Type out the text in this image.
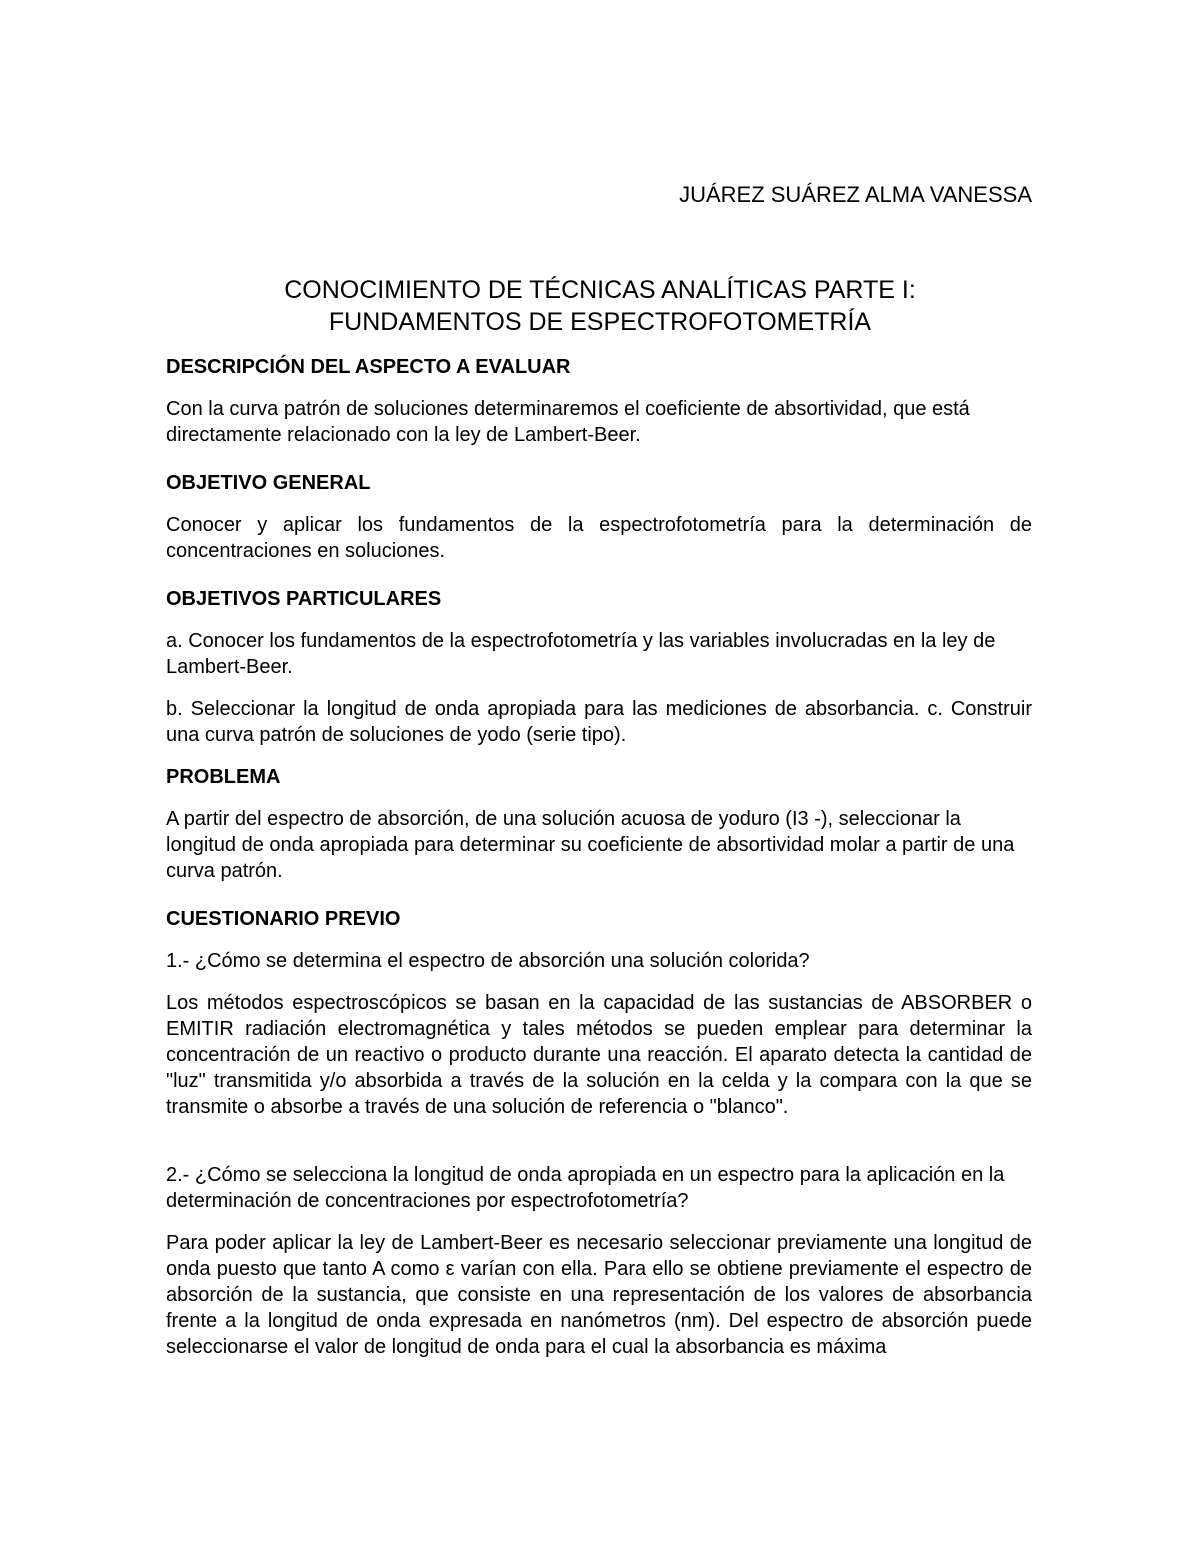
JUÁREZ SUÁREZ ALMA VANESSA

CONOCIMIENTO DE TÉCNICAS ANALÍTICAS PARTE I:
FUNDAMENTOS DE ESPECTROFOTOMETRÍA
DESCRIPCIÓN DEL ASPECTO A EVALUAR

Con la curva patrón de soluciones determinaremos el coeficiente de absortividad, que está directamente relacionado con la ley de Lambert-Beer.

OBJETIVO GENERAL

Conocer y aplicar los fundamentos de la espectrofotometría para la determinación de concentraciones en soluciones.

OBJETIVOS PARTICULARES

a. Conocer los fundamentos de la espectrofotometría y las variables involucradas en la ley de Lambert-Beer.

b. Seleccionar la longitud de onda apropiada para las mediciones de absorbancia. c. Construir una curva patrón de soluciones de yodo (serie tipo).

PROBLEMA

A partir del espectro de absorción, de una solución acuosa de yoduro (I3 -), seleccionar la longitud de onda apropiada para determinar su coeficiente de absortividad molar a partir de una curva patrón.

CUESTIONARIO PREVIO

1.- ¿Cómo se determina el espectro de absorción una solución colorida?

Los métodos espectroscópicos se basan en la capacidad de las sustancias de ABSORBER o EMITIR radiación electromagnética y tales métodos se pueden emplear para determinar la concentración de un reactivo o producto durante una reacción. El aparato detecta la cantidad de "luz" transmitida y/o absorbida a través de la solución en la celda y la compara con la que se transmite o absorbe a través de una solución de referencia o "blanco".

2.- ¿Cómo se selecciona la longitud de onda apropiada en un espectro para la aplicación en la determinación de concentraciones por espectrofotometría?

Para poder aplicar la ley de Lambert-Beer es necesario seleccionar previamente una longitud de onda puesto que tanto A como ε varían con ella. Para ello se obtiene previamente el espectro de absorción de la sustancia, que consiste en una representación de los valores de absorbancia frente a la longitud de onda expresada en nanómetros (nm). Del espectro de absorción puede seleccionarse el valor de longitud de onda para el cual la absorbancia es máxima
